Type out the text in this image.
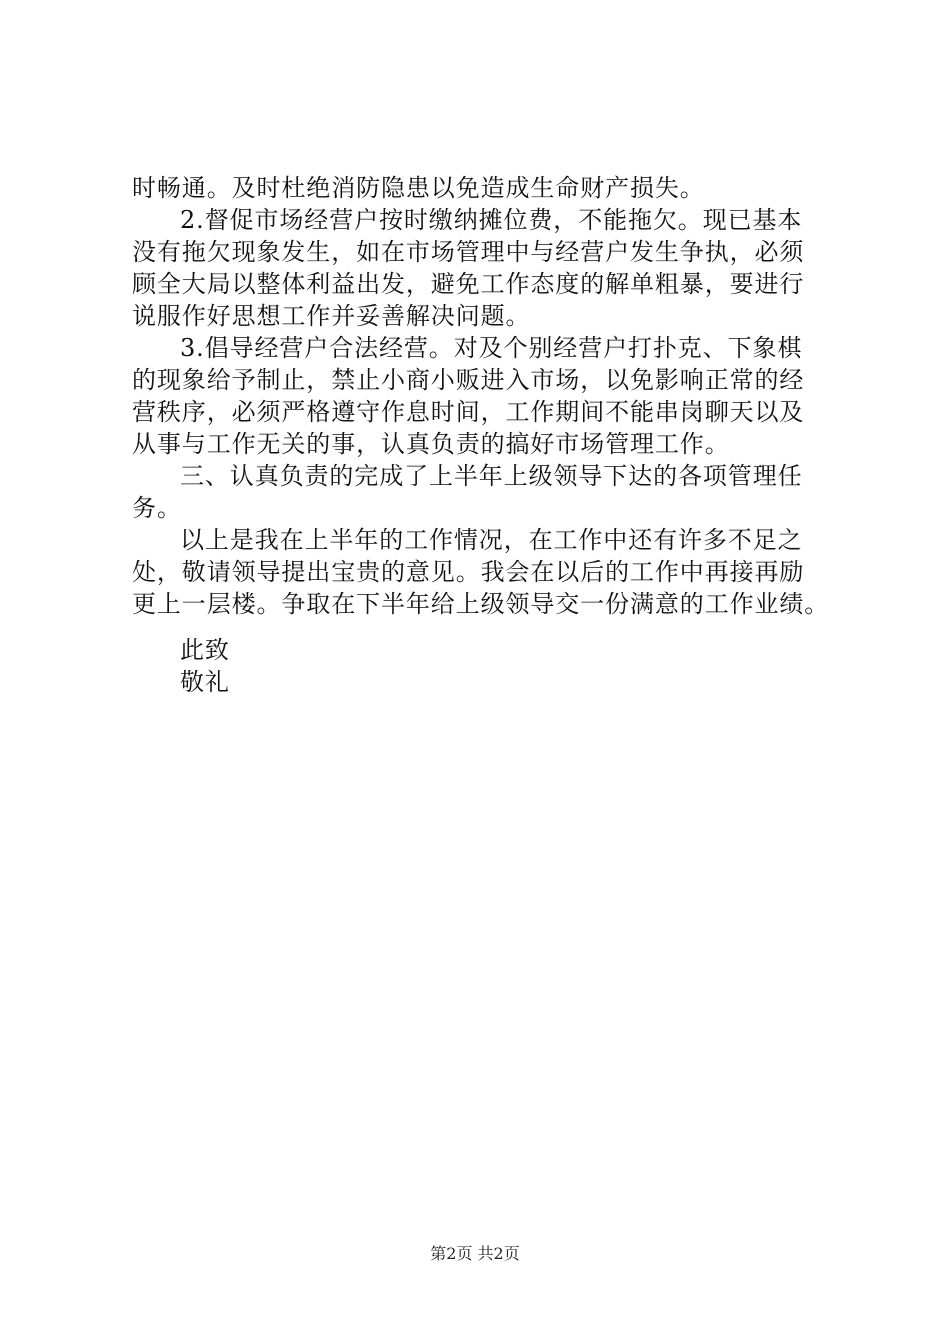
时畅通。及时杜绝消防隐患以免造成生命财产损失。
2.督促市场经营户按时缴纳摊位费，不能拖欠。现已基本
没有拖欠现象发生，如在市场管理中与经营户发生争执，必须
顾全大局以整体利益出发，避免工作态度的解单粗暴，要进行
说服作好思想工作并妥善解决问题。
3.倡导经营户合法经营。对及个别经营户打扑克、下象棋
的现象给予制止，禁止小商小贩进入市场，以免影响正常的经
营秩序，必须严格遵守作息时间，工作期间不能串岗聊天以及
从事与工作无关的事，认真负责的搞好市场管理工作。
三、认真负责的完成了上半年上级领导下达的各项管理任
务。
以上是我在上半年的工作情况，在工作中还有许多不足之
处，敬请领导提出宝贵的意见。我会在以后的工作中再接再励
更上一层楼。争取在下半年给上级领导交一份满意的工作业绩。
此致
敬礼
第2页 共2页
